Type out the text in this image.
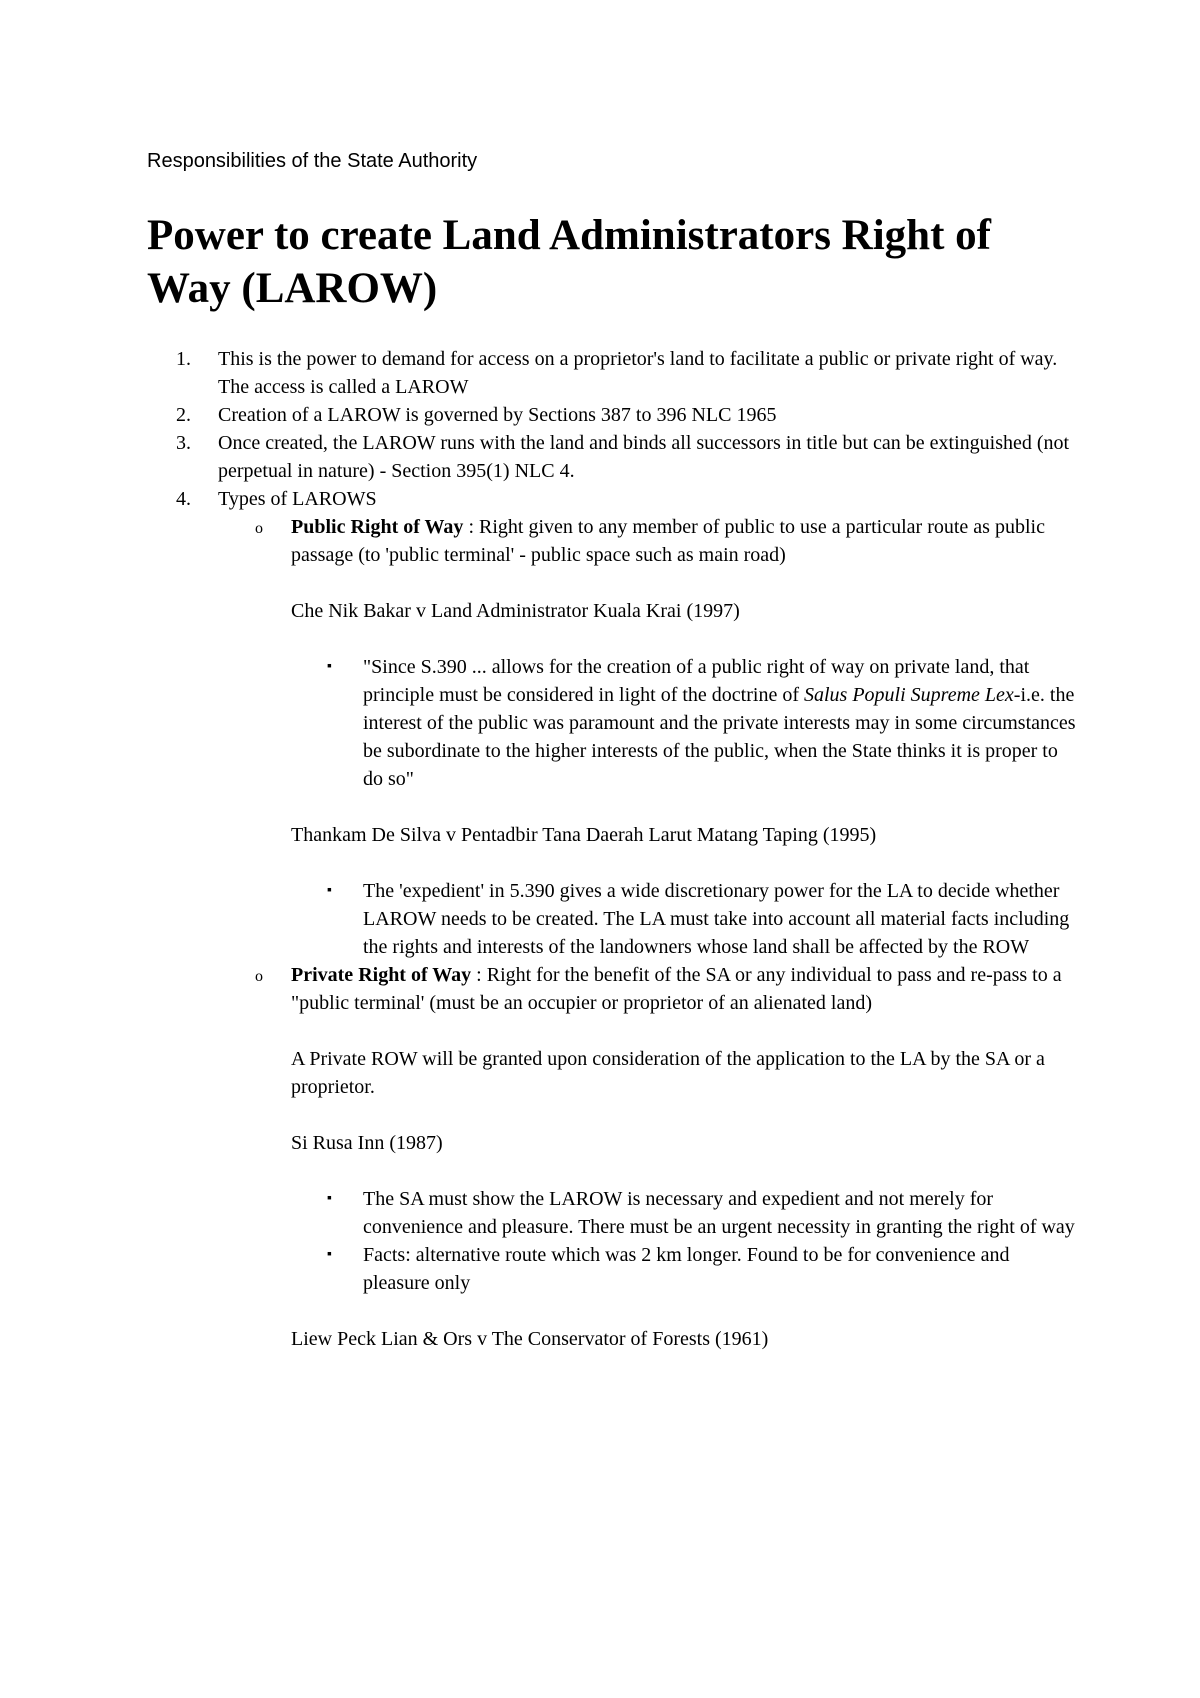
Responsibilities of the State Authority

Power to create Land Administrators Right of Way (LAROW)
1.	This is the power to demand for access on a proprietor's land to facilitate a public or private right of way. The access is called a LAROW
2.	Creation of a LAROW is governed by Sections 387 to 396 NLC 1965
3.	Once created, the LAROW runs with the land and binds all successors in title but can be extinguished (not perpetual in nature) - Section 395(1) NLC 4.
4.	Types of LAROWS
o Public Right of Way : Right given to any member of public to use a particular route as public passage (to 'public terminal' - public space such as main road)
Che Nik Bakar v Land Administrator Kuala Krai (1997)
▪ "Since S.390 ... allows for the creation of a public right of way on private land, that principle must be considered in light of the doctrine of Salus Populi Supreme Lex-i.e. the interest of the public was paramount and the private interests may in some circumstances be subordinate to the higher interests of the public, when the State thinks it is proper to do so"
Thankam De Silva v Pentadbir Tana Daerah Larut Matang Taping (1995)
▪ The 'expedient' in 5.390 gives a wide discretionary power for the LA to decide whether LAROW needs to be created. The LA must take into account all material facts including the rights and interests of the landowners whose land shall be affected by the ROW
o Private Right of Way : Right for the benefit of the SA or any individual to pass and re-pass to a "public terminal' (must be an occupier or proprietor of an alienated land)
A Private ROW will be granted upon consideration of the application to the LA by the SA or a proprietor.
Si Rusa Inn (1987)
▪ The SA must show the LAROW is necessary and expedient and not merely for convenience and pleasure. There must be an urgent necessity in granting the right of way
▪ Facts: alternative route which was 2 km longer. Found to be for convenience and pleasure only
Liew Peck Lian & Ors v The Conservator of Forests (1961)
